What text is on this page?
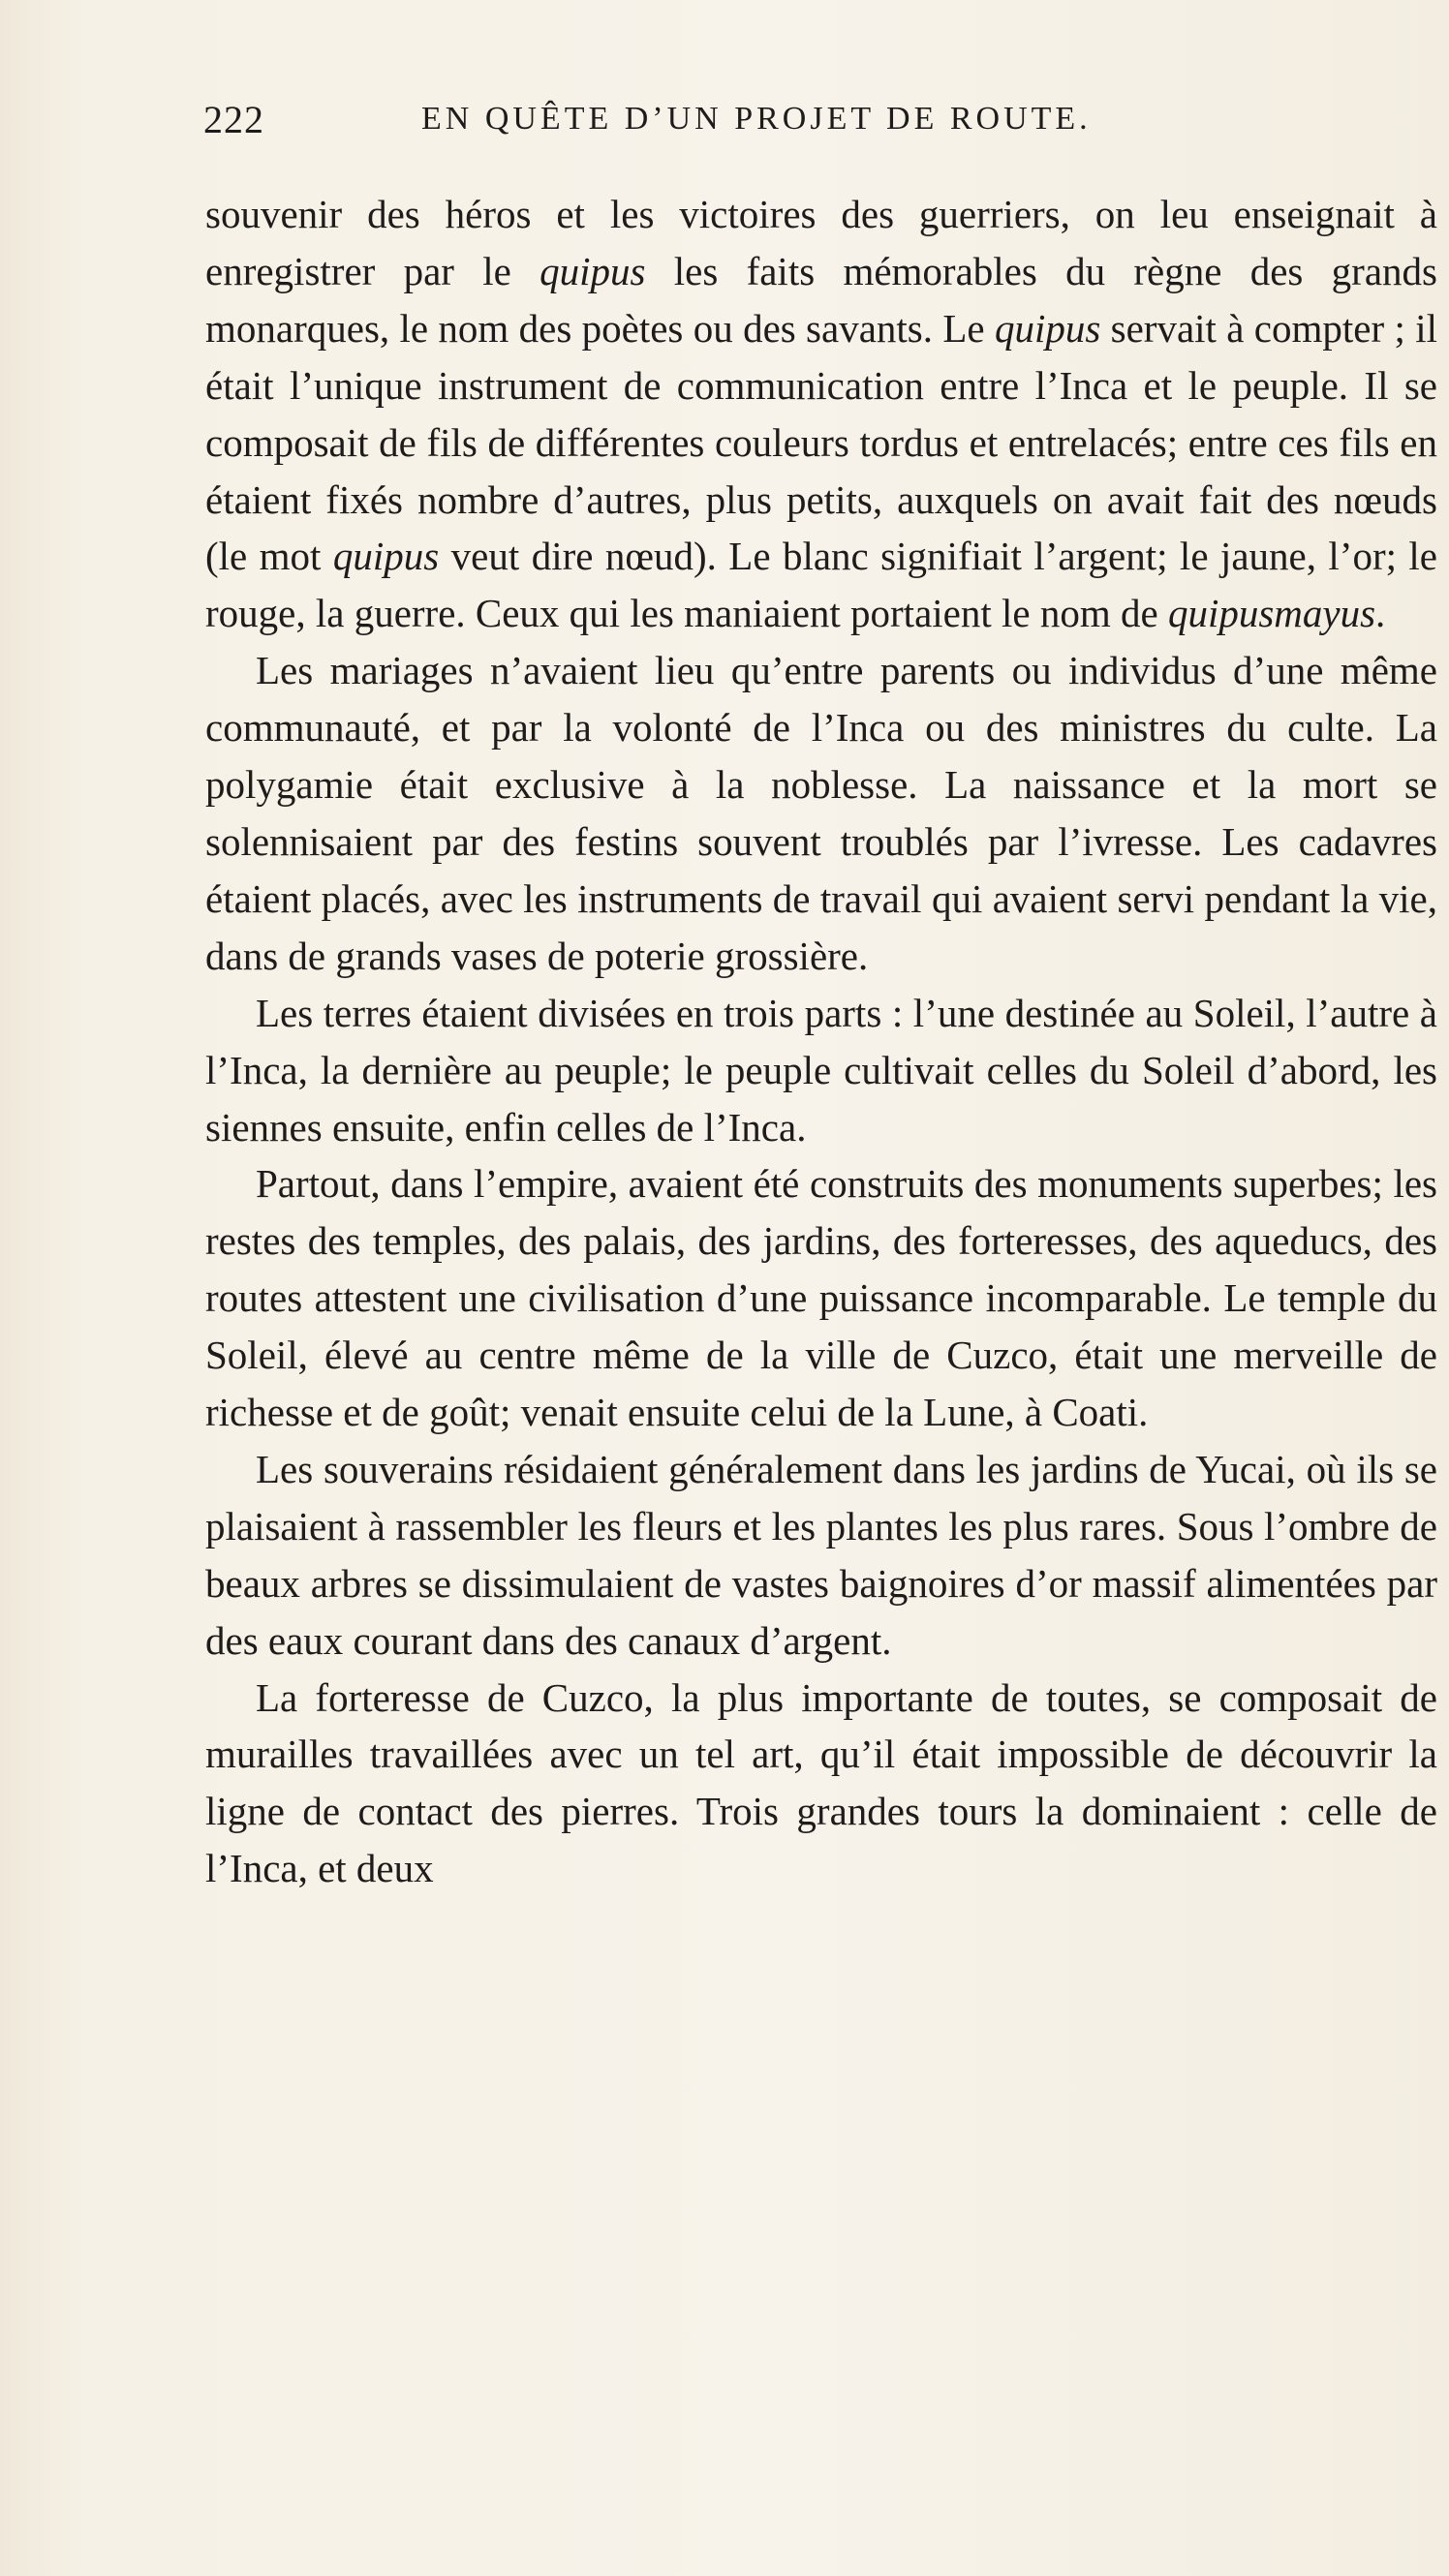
222	EN QUÊTE D’UN PROJET DE ROUTE.

souvenir des héros et les victoires des guerriers, on leu enseignait à enregistrer par le quipus les faits mémorables du règne des grands monarques, le nom des poètes ou des savants. Le quipus servait à compter ; il était l’unique instrument de communication entre l’Inca et le peuple. Il se composait de fils de différentes couleurs tordus et entrelacés; entre ces fils en étaient fixés nombre d’autres, plus petits, auxquels on avait fait des nœuds (le mot quipus veut dire nœud). Le blanc signifiait l’argent; le jaune, l’or; le rouge, la guerre. Ceux qui les maniaient portaient le nom de quipusmayus.

Les mariages n’avaient lieu qu’entre parents ou individus d’une même communauté, et par la volonté de l’Inca ou des ministres du culte. La polygamie était exclusive à la noblesse. La naissance et la mort se solennisaient par des festins souvent troublés par l’ivresse. Les cadavres étaient placés, avec les instruments de travail qui avaient servi pendant la vie, dans de grands vases de poterie grossière.

Les terres étaient divisées en trois parts : l’une destinée au Soleil, l’autre à l’Inca, la dernière au peuple; le peuple cultivait celles du Soleil d’abord, les siennes ensuite, enfin celles de l’Inca.

Partout, dans l’empire, avaient été construits des monuments superbes; les restes des temples, des palais, des jardins, des forteresses, des aqueducs, des routes attestent une civilisation d’une puissance incomparable. Le temple du Soleil, élevé au centre même de la ville de Cuzco, était une merveille de richesse et de goût; venait ensuite celui de la Lune, à Coati.

Les souverains résidaient généralement dans les jardins de Yucai, où ils se plaisaient à rassembler les fleurs et les plantes les plus rares. Sous l’ombre de beaux arbres se dissimulaient de vastes baignoires d’or massif alimentées par des eaux courant dans des canaux d’argent.

La forteresse de Cuzco, la plus importante de toutes, se composait de murailles travaillées avec un tel art, qu’il était impossible de découvrir la ligne de contact des pierres. Trois grandes tours la dominaient : celle de l’Inca, et deux
